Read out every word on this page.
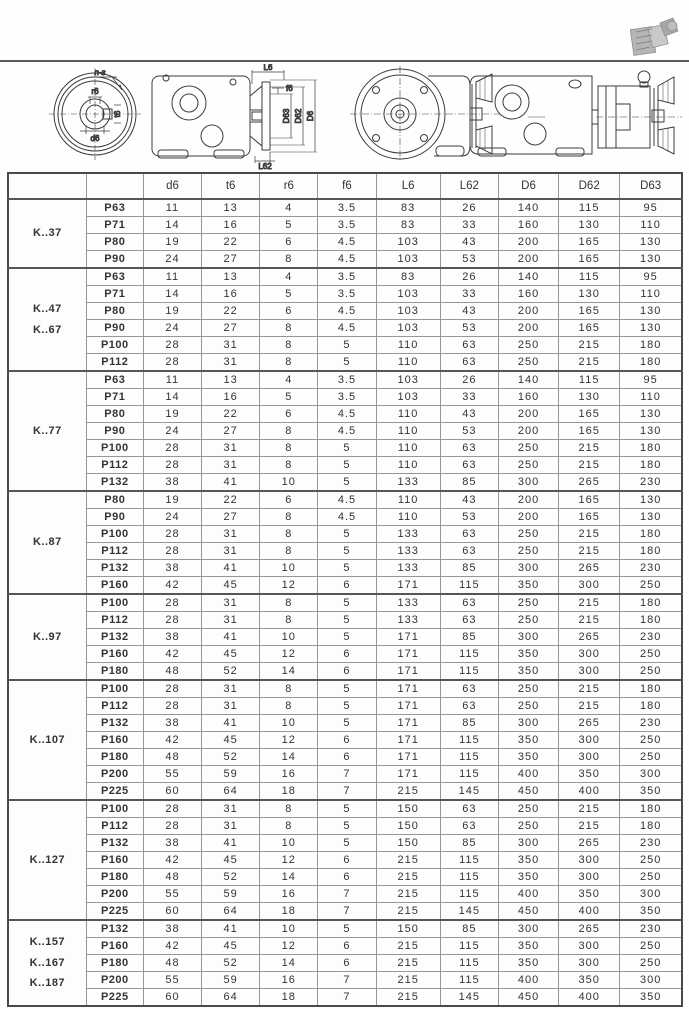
n-s
r6
t6
d6
L6
f6
D63 D62 D6
L62
		d6	t6	r6	f6	L6	L62	D6	D62	D63

K..37	P63	11	13	4	3.5	83	26	140	115	95
	P71	14	16	5	3.5	83	33	160	130	110
	P80	19	22	6	4.5	103	43	200	165	130
	P90	24	27	8	4.5	103	53	200	165	130

K..47
K..67	P63	11	13	4	3.5	83	26	140	115	95
	P71	14	16	5	3.5	103	33	160	130	110
	P80	19	22	6	4.5	103	43	200	165	130
	P90	24	27	8	4.5	103	53	200	165	130
	P100	28	31	8	5	110	63	250	215	180
	P112	28	31	8	5	110	63	250	215	180

K..77	P63	11	13	4	3.5	103	26	140	115	95
	P71	14	16	5	3.5	103	33	160	130	110
	P80	19	22	6	4.5	110	43	200	165	130
	P90	24	27	8	4.5	110	53	200	165	130
	P100	28	31	8	5	110	63	250	215	180
	P112	28	31	8	5	110	63	250	215	180
	P132	38	41	10	5	133	85	300	265	230

K..87	P80	19	22	6	4.5	110	43	200	165	130
	P90	24	27	8	4.5	110	53	200	165	130
	P100	28	31	8	5	133	63	250	215	180
	P112	28	31	8	5	133	63	250	215	180
	P132	38	41	10	5	133	85	300	265	230
	P160	42	45	12	6	171	115	350	300	250

K..97	P100	28	31	8	5	133	63	250	215	180
	P112	28	31	8	5	133	63	250	215	180
	P132	38	41	10	5	171	85	300	265	230
	P160	42	45	12	6	171	115	350	300	250
	P180	48	52	14	6	171	115	350	300	250

K..107	P100	28	31	8	5	171	63	250	215	180
	P112	28	31	8	5	171	63	250	215	180
	P132	38	41	10	5	171	85	300	265	230
	P160	42	45	12	6	171	115	350	300	250
	P180	48	52	14	6	171	115	350	300	250
	P200	55	59	16	7	171	115	400	350	300
	P225	60	64	18	7	215	145	450	400	350

K..127	P100	28	31	8	5	150	63	250	215	180
	P112	28	31	8	5	150	63	250	215	180
	P132	38	41	10	5	150	85	300	265	230
	P160	42	45	12	6	215	115	350	300	250
	P180	48	52	14	6	215	115	350	300	250
	P200	55	59	16	7	215	115	400	350	300
	P225	60	64	18	7	215	145	450	400	350

K..157
K..167
K..187	P132	38	41	10	5	150	85	300	265	230
	P160	42	45	12	6	215	115	350	300	250
	P180	48	52	14	6	215	115	350	300	250
	P200	55	59	16	7	215	115	400	350	300
	P225	60	64	18	7	215	145	450	400	350
